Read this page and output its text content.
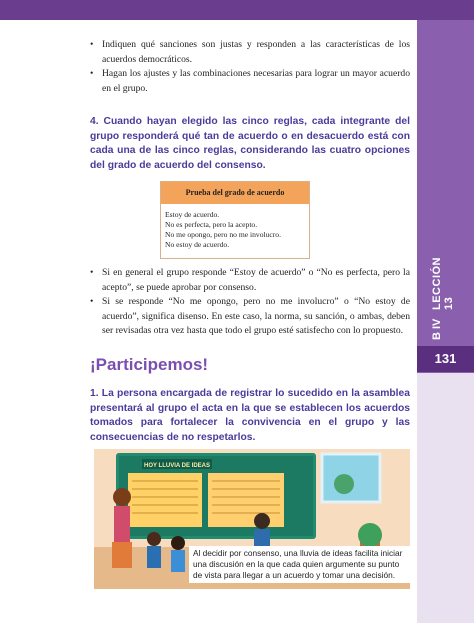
LECCIÓN 13
B IV
131
• Indiquen qué sanciones son justas y responden a las características de los acuerdos democráticos.
• Hagan los ajustes y las combinaciones necesarias para lograr un mayor acuerdo en el grupo.

4. Cuando hayan elegido las cinco reglas, cada integrante del grupo responderá qué tan de acuerdo o en desacuerdo está con cada una de las cinco reglas, considerando las cuatro opciones del grado de acuerdo del consenso.

Prueba del grado de acuerdo
Estoy de acuerdo.
No es perfecta, pero la acepto.
No me opongo, pero no me involucro.
No estoy de acuerdo.
• Si en general el grupo responde “Estoy de acuerdo” o “No es perfecta, pero la acepto”, se puede aprobar por consenso.
• Si se responde “No me opongo, pero no me involucro” o “No estoy de acuerdo”, significa disenso. En este caso, la norma, su sanción, o ambas, deben ser revisadas otra vez hasta que todo el grupo esté satisfecho con lo propuesto.
¡Participemos!

1. La persona encargada de registrar lo sucedido en la asamblea presentará al grupo el acta en la que se establecen los acuerdos tomados para fortalecer la convivencia en el grupo y las consecuencias de no respetarlos.

HOY LLUVIA DE IDEAS
Al decidir por consenso, una lluvia de ideas facilita iniciar una discusión en la que cada quien argumente su punto de vista para llegar a un acuerdo y tomar una decisión.
